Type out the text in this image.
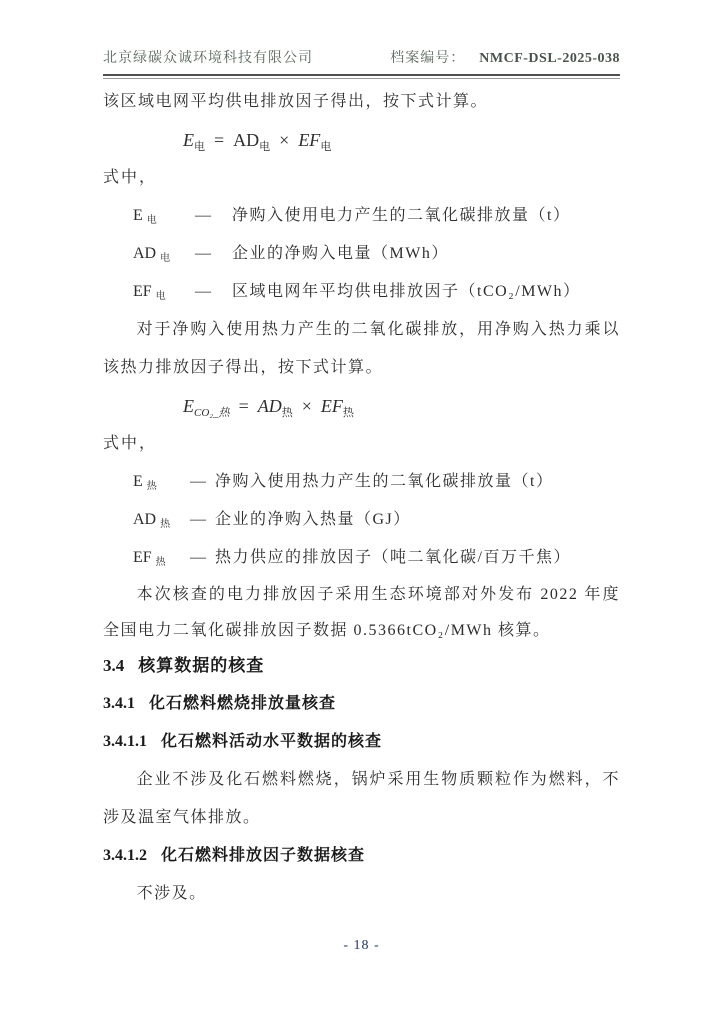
北京绿碳众诚环境科技有限公司	档案编号： NMCF-DSL-2025-038

该区域电网平均供电排放因子得出，按下式计算。

$E_电 = AD_电 \times EF_电$

式中，

E $_电$	— 净购入使用电力产生的二氧化碳排放量（t）
AD $_电$	— 企业的净购入电量（MWh）
EF $_电$	— 区域电网年平均供电排放因子（tCO₂/MWh）

对于净购入使用热力产生的二氧化碳排放，用净购入热力乘以该热力排放因子得出，按下式计算。

$E_{CO_2\_热} = AD_热 \times EF_热$

式中，

E $_热$	— 净购入使用热力产生的二氧化碳排放量（t）
AD $_热$	— 企业的净购入热量（GJ）
EF $_热$	— 热力供应的排放因子（吨二氧化碳/百万千焦）

本次核查的电力排放因子采用生态环境部对外发布 2022 年度全国电力二氧化碳排放因子数据 0.5366tCO₂/MWh 核算。

3.4 核算数据的核查
3.4.1 化石燃料燃烧排放量核查
3.4.1.1 化石燃料活动水平数据的核查

企业不涉及化石燃料燃烧，锅炉采用生物质颗粒作为燃料，不涉及温室气体排放。

3.4.1.2 化石燃料排放因子数据核查

不涉及。

- 18 -
